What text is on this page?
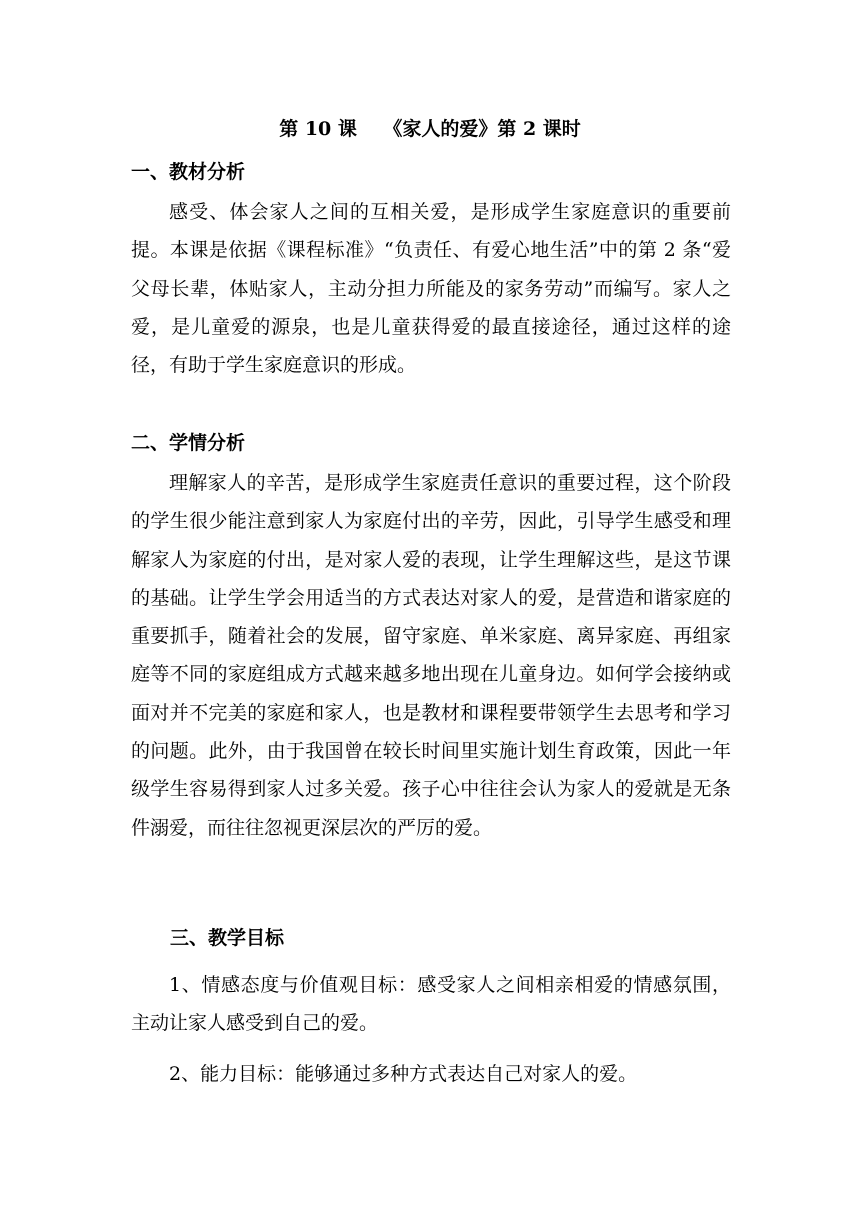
第 10 课    《家人的爱》第 2 课时
一、教材分析

感受、体会家人之间的互相关爱，是形成学生家庭意识的重要前提。本课是依据《课程标准》“负责任、有爱心地生活”中的第 2 条“爱父母长辈，体贴家人，主动分担力所能及的家务劳动”而编写。家人之爱，是儿童爱的源泉，也是儿童获得爱的最直接途径，通过这样的途径，有助于学生家庭意识的形成。

二、学情分析

理解家人的辛苦，是形成学生家庭责任意识的重要过程，这个阶段的学生很少能注意到家人为家庭付出的辛劳，因此，引导学生感受和理解家人为家庭的付出，是对家人爱的表现，让学生理解这些，是这节课的基础。让学生学会用适当的方式表达对家人的爱，是营造和谐家庭的重要抓手，随着社会的发展，留守家庭、单米家庭、离异家庭、再组家庭等不同的家庭组成方式越来越多地出现在儿童身边。如何学会接纳或面对并不完美的家庭和家人，也是教材和课程要带领学生去思考和学习的问题。此外，由于我国曾在较长时间里实施计划生育政策，因此一年级学生容易得到家人过多关爱。孩子心中往往会认为家人的爱就是无条件溺爱，而往往忽视更深层次的严厉的爱。

三、教学目标

1、情感态度与价值观目标：感受家人之间相亲相爱的情感氛围，主动让家人感受到自己的爱。

2、能力目标：能够通过多种方式表达自己对家人的爱。
